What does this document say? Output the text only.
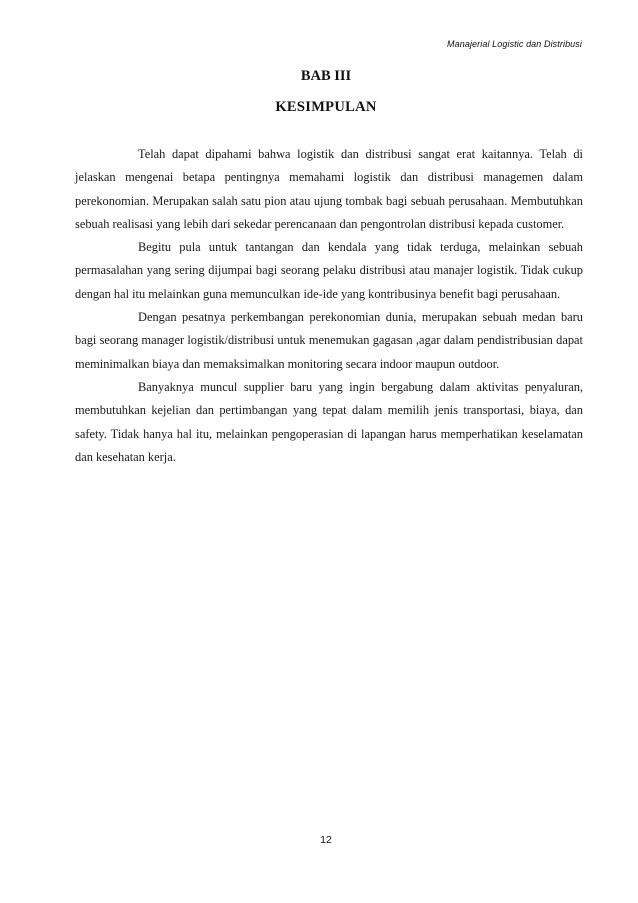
Manajerial Logistic dan Distribusi
BAB III
KESIMPULAN

Telah dapat dipahami bahwa logistik dan distribusi sangat erat kaitannya. Telah di jelaskan mengenai betapa pentingnya memahami logistik dan distribusi managemen dalam perekonomian. Merupakan salah satu pion atau ujung tombak bagi sebuah perusahaan. Membutuhkan sebuah realisasi yang lebih dari sekedar perencanaan dan pengontrolan distribusi kepada customer.

Begitu pula untuk tantangan dan kendala yang tidak terduga, melainkan sebuah permasalahan yang sering dijumpai bagi seorang pelaku distribusi atau manajer logistik. Tidak cukup dengan hal itu melainkan guna memunculkan ide-ide yang kontribusinya benefit bagi perusahaan.

Dengan pesatnya perkembangan perekonomian dunia, merupakan sebuah medan baru bagi seorang manager logistik/distribusi untuk menemukan gagasan ,agar dalam pendistribusian dapat meminimalkan biaya dan memaksimalkan monitoring secara indoor maupun outdoor.

Banyaknya muncul supplier baru yang ingin bergabung dalam aktivitas penyaluran, membutuhkan kejelian dan pertimbangan yang tepat dalam memilih jenis transportasi, biaya, dan safety. Tidak hanya hal itu, melainkan pengoperasian di lapangan harus memperhatikan keselamatan dan kesehatan kerja.

12
